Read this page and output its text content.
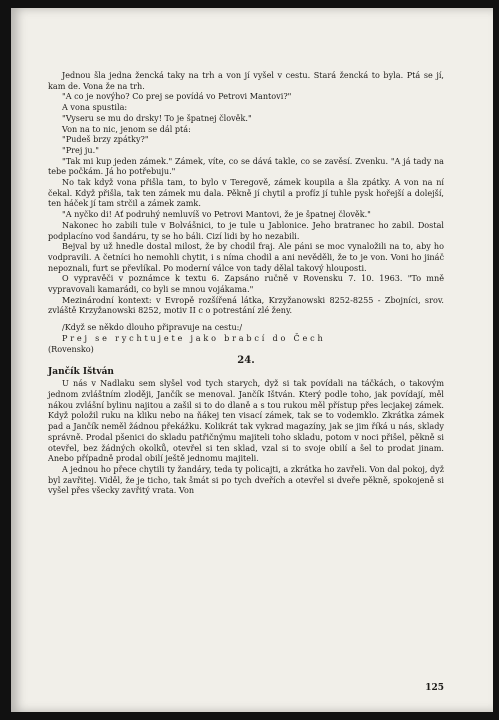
Jednou šla jedna žencká taky na trh a von jí vyšel v cestu. Stará žencká to byla. Ptá se jí, kam de. Vona že na trh.

"A co je novýho? Co prej se povídá vo Petrovi Mantovi?"

A vona spustila:

"Vyseru se mu do drsky! To je špatnej člověk."

Von na to nic, jenom se dál ptá:

"Pudeš brzy zpátky?"

"Prej ju."

"Tak mi kup jeden zámek." Zámek, víte, co se dává takle, co se zavěsí. Zvenku. "A já tady na tebe počkám. Já ho potřebuju."

No tak když vona přišla tam, to bylo v Teregově, zámek koupila a šla zpátky. A von na ní čekal. Když přišla, tak ten zámek mu dala. Pěkně jí chytil a profíz jí tuhle pysk hořejší a dolejší, ten háček jí tam strčil a zámek zamk.

"A nyčko di! Ať podruhý nemluvíš vo Petrovi Mantovi, že je špatnej člověk."

Nakonec ho zabili tule v Bolvášnici, to je tule u Jablonice. Jeho bratranec ho zabil. Dostal podplacíno vod šandáru, ty se ho báli. Cizí lidi by ho nezabili.

Bejval by už hnedle dostal milost, že by chodil fraj. Ale páni se moc vynaložili na to, aby ho vodpravili. A četníci ho nemohli chytit, i s níma chodil a ani nevěděli, že to je von. Voni ho jináč nepoznali, furt se převlíkal. Po moderní válce von tady dělal takový hlouposti.

O vypravěči v poznámce k textu 6. Zapsáno ručně v Rovensku 7. 10. 1963. "To mně vypravovali kamarádi, co byli se mnou vojákama."

Mezinárodní kontext: v Evropě rozšířená látka, Krzyžanowski 8252-8255 - Zbojníci, srov. zvláště Krzyžanowski 8252, motiv II c o potrestání zlé ženy.

/Když se někdo dlouho připravuje na cestu:/

Prej se rychtujete jako brabcí do Čech

(Rovensko)

24.

Jančík Ištván

U nás v Nadlaku sem slyšel vod tych starych, dyž si tak povídali na táčkách, o takovým jednom zvláštním zloději, Jančík se menoval. Jančík Ištván. Který podle toho, jak povídají, měl nákou zvlášní bylinu najitou a zašil si to do dlaně a s tou rukou měl přístup přes lecjakej zámek. Když položil ruku na kliku nebo na ňákej ten visací zámek, tak se to vodemklo. Zkrátka zámek pad a Jančík neměl žádnou překážku. Kolikrát tak vykrad magazíny, jak se jim říká u nás, sklady správně. Prodal pšenici do skladu patřičnýmu majiteli toho skladu, potom v noci přišel, pěkně si otevřel, bez žádných okolků, otevřel si ten sklad, vzal si to svoje obilí a šel to prodat jinam. Anebo případně prodal obilí ještě jednomu majiteli.

A jednou ho přece chytili ty žandáry, teda ty policajti, a zkrátka ho zavřeli. Von dal pokoj, dyž byl zavřitej. Viděl, že je ticho, tak šmát si po tych dveřích a otevřel si dveře pěkně, spokojeně si vyšel přes všecky zavřitý vrata. Von

125
